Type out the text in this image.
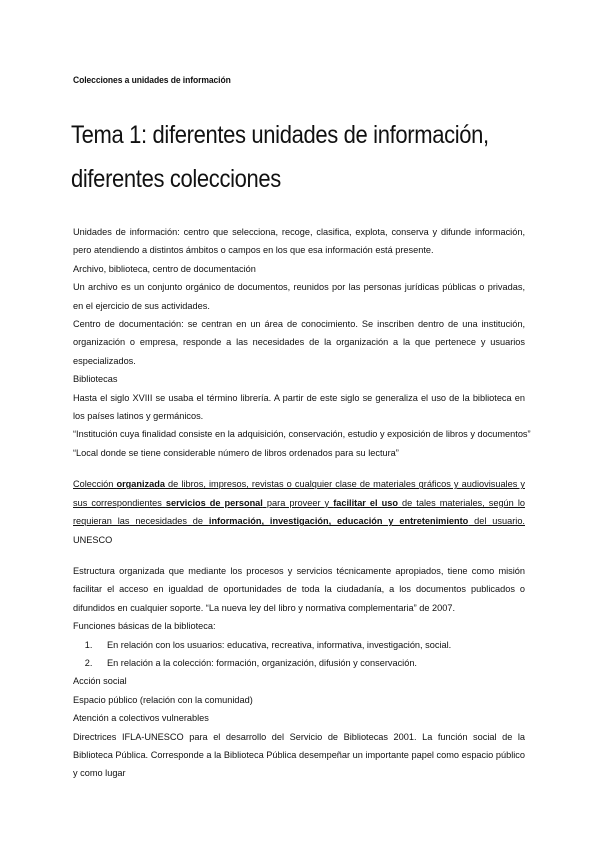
Colecciones a unidades de información
Tema 1: diferentes unidades de información,
diferentes colecciones

Unidades de información: centro que selecciona, recoge, clasifica, explota, conserva y difunde información, pero atendiendo a distintos ámbitos o campos en los que esa información está presente.

Archivo, biblioteca, centro de documentación

Un archivo es un conjunto orgánico de documentos, reunidos por las personas jurídicas públicas o privadas, en el ejercicio de sus actividades.

Centro de documentación: se centran en un área de conocimiento. Se inscriben dentro de una institución, organización o empresa, responde a las necesidades de la organización a la que pertenece y usuarios especializados.

Bibliotecas

Hasta el siglo XVIII se usaba el término librería. A partir de este siglo se generaliza el uso de la biblioteca en los países latinos y germánicos.

“Institución cuya finalidad consiste en la adquisición, conservación, estudio y exposición de libros y documentos”

“Local donde se tiene considerable número de libros ordenados para su lectura”

Colección organizada de libros, impresos, revistas o cualquier clase de materiales gráficos y audiovisuales y sus correspondientes servicios de personal para proveer y facilitar el uso de tales materiales, según lo requieran las necesidades de información, investigación, educación y entretenimiento del usuario. UNESCO

Estructura organizada que mediante los procesos y servicios técnicamente apropiados, tiene como misión facilitar el acceso en igualdad de oportunidades de toda la ciudadanía, a los documentos publicados o difundidos en cualquier soporte. “La nueva ley del libro y normativa complementaria” de 2007.

Funciones básicas de la biblioteca:

1. En relación con los usuarios: educativa, recreativa, informativa, investigación, social.
2. En relación a la colección: formación, organización, difusión y conservación.

Acción social

Espacio público (relación con la comunidad)

Atención a colectivos vulnerables

Directrices IFLA-UNESCO para el desarrollo del Servicio de Bibliotecas 2001. La función social de la Biblioteca Pública. Corresponde a la Biblioteca Pública desempeñar un importante papel como espacio público y como lugar
